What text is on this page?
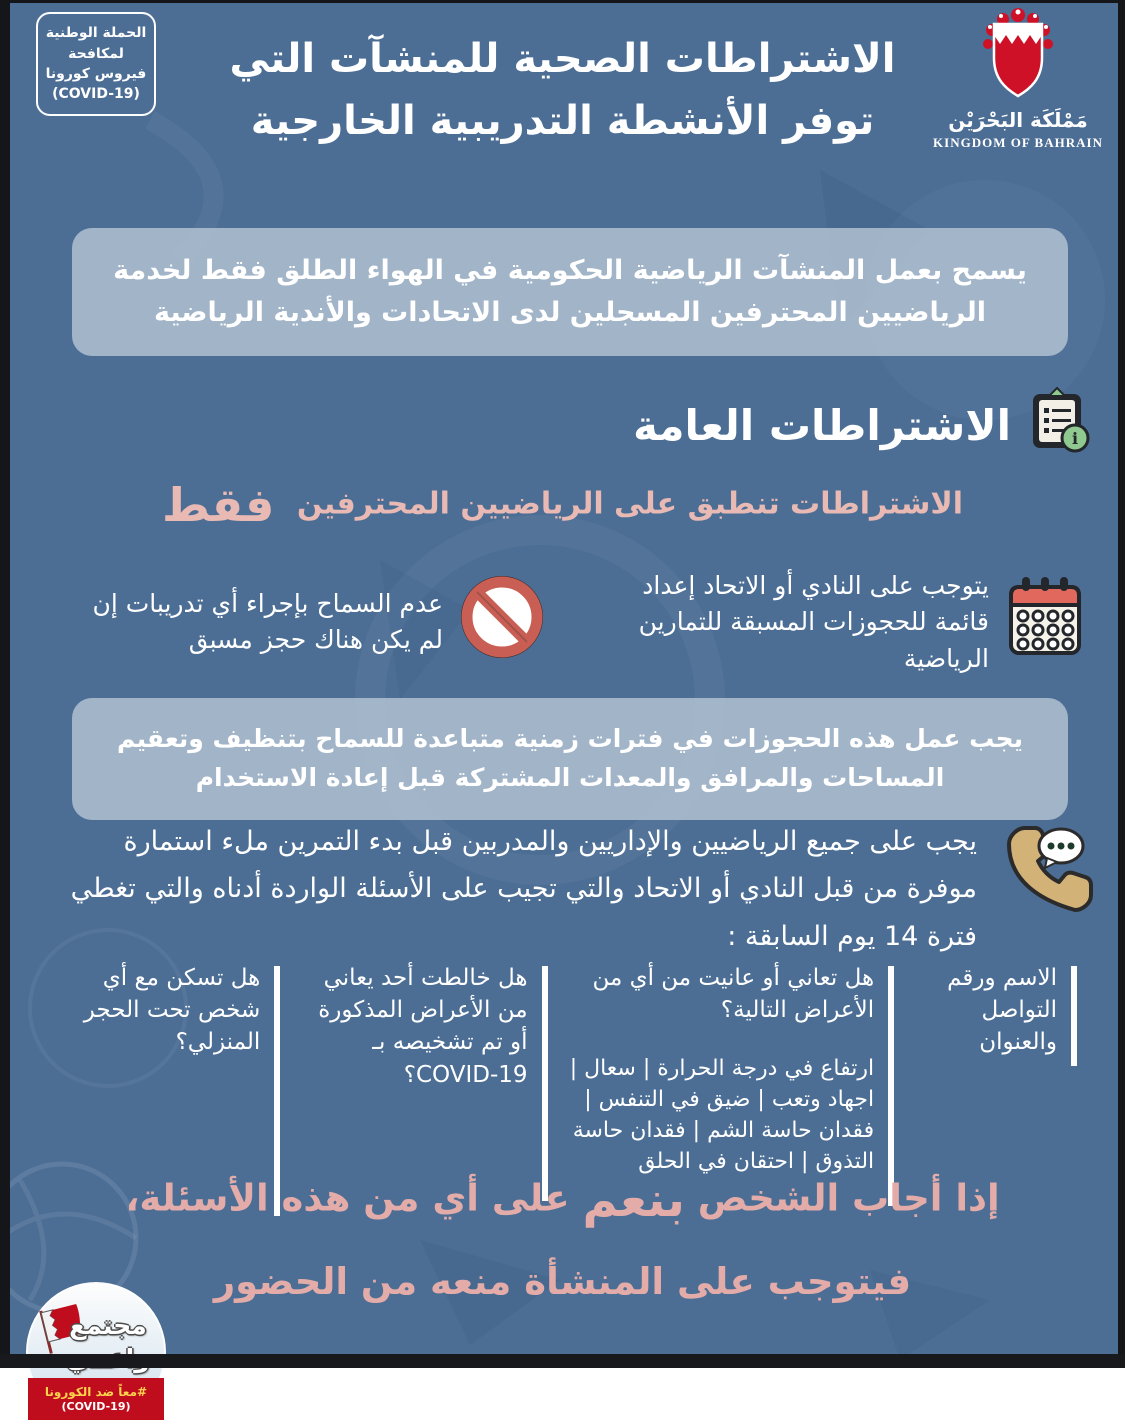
الحملة الوطنية
لمكافحة
فيروس كورونا
(COVID-19)
الاشتراطات الصحية للمنشآت التي
توفر الأنشطة التدريبية الخارجية	مَمْلَكَة البَحْرَيْن
KINGDOM OF BAHRAIN
يسمح بعمل المنشآت الرياضية الحكومية في الهواء الطلق فقط لخدمة الرياضيين المحترفين المسجلين لدى الاتحادات والأندية الرياضية
i
الاشتراطات العامة
الاشتراطات تنطبق على الرياضيين المحترفين فقط

يتوجب على النادي أو الاتحاد إعداد قائمة للحجوزات المسبقة للتمارين الرياضية

عدم السماح بإجراء أي تدريبات إن لم يكن هناك حجز مسبق

يجب عمل هذه الحجوزات في فترات زمنية متباعدة للسماح بتنظيف وتعقيم المساحات والمرافق والمعدات المشتركة قبل إعادة الاستخدام

يجب على جميع الرياضيين والإداريين والمدربين قبل بدء التمرين ملء استمارة موفرة من قبل النادي أو الاتحاد والتي تجيب على الأسئلة الواردة أدناه والتي تغطي فترة 14 يوم السابقة :

الاسم ورقم التواصل والعنوان
هل تعاني أو عانيت من أي من الأعراض التالية؟
ارتفاع في درجة الحرارة | سعال | اجهاد وتعب | ضيق في التنفس | فقدان حاسة الشم | فقدان حاسة التذوق | احتقان في الحلق
هل خالطت أحد يعاني من الأعراض المذكورة أو تم تشخيصه بـ COVID-19؟
هل تسكن مع أي شخص تحت الحجر المنزلي؟
إذا أجاب الشخص بنعم على أي من هذه الأسئلة،
فيتوجب على المنشأة منعه من الحضور
مجتمع
#معاً ضد الكورونا
(COVID-19)
